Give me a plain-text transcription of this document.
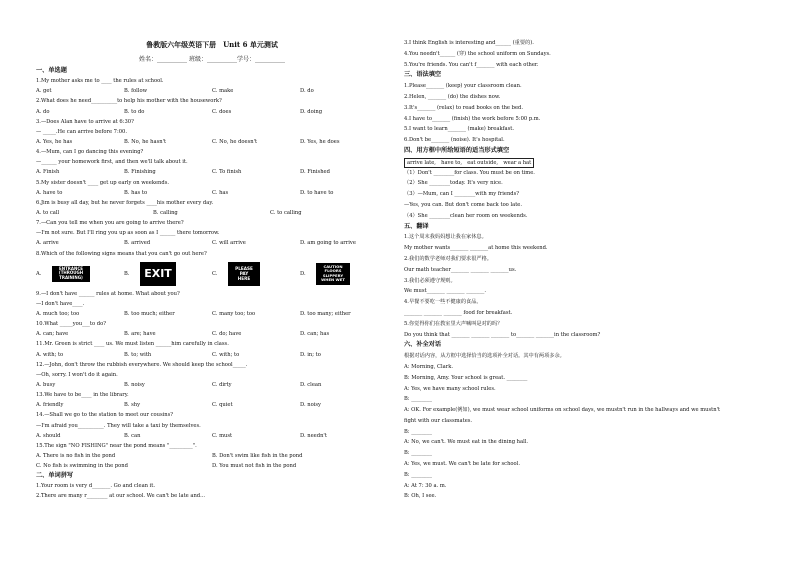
鲁教版六年级英语下册　Unit 6 单元测试
姓名：__________ 班级：__________学号：__________
一、单选题
1.My mother asks me to ____ the rules at school.
A. get	B. follow	C. make	D. do
2.What does he need__________to help his mother with the housework?
A. do	B. to do	C. does	D. doing
3.—Does Alan have to arrive at 6:30?
— _____.He can arrive before 7:00.
A. Yes, he has	B. No, he hasn't	C. No, he doesn't	D. Yes, he does
4.—Mum, can I go dancing this evening?
—______ your homework first, and then we'll talk about it.
A. Finish	B. Finishing	C. To finish	D. Finished
5.My sister doesn't ____ get up early on weekends.
A. have to	B. has to	C. has	D. to have to
6.Jim is busy all day, but he never forgets ____his mother every day.
A. to call	B. calling	C. to calling
7.—Can you tell me when you are going to arrive there?
—I'm not sure. But I'll ring you up as soon as I ______ there tomorrow.
A. arrive	B. arrived	C. will arrive	D. am going to arrive
8.Which of the following signs means that you can't go out here?
A.
ENTRANCE
(THROUGH TRAINING)
B.	EXIT	C.
PLEASE
PAY
HERE
D.
CAUTION
FLOORS
SLIPPERY
WHEN WET
9.—I don't have ______ rules at home. What about you?
—I don't have____.
A. much too; too	B. too much; either	C. many too; too	D. too many; either
10.What _____you___to do?
A. can; have	B. are; have	C. do; have	D. can; has
11.Mr. Green is strict ____ us. We must listen ______him carefully in class.
A. with; to	B. to; with	C. with; to	D. in; to
12.—John, don't throw the rubbish everywhere. We should keep the school_____.
—Oh, sorry. I won't do it again.
A. busy	B. noisy	C. dirty	D. clean
13.We have to be____ in the library.
A. friendly	B. shy	C. quiet	D. noisy
14.—Shall we go to the station to meet our cousins?
—I'm afraid you__________. They will take a taxi by themselves.
A. should	B. can	C. must	D. needn't
15.The sign "NO FISHING" near the pond means "_________".
A. There is no fish in the pond	B. Don't swim like fish in the pond
C. No fish is swimming in the pond	D. You must not fish in the pond
二、单词拼写
1.Your room is very d_______. Go and clean it.
2.There are many r________ at our school. We can't be late and...
3.I think English is interesting and______ (重要的).
4.You needn't______ (穿) the school uniform on Sundays.
5.You're friends. You can't f_______ with each other.
三、语法填空
1.Please_______ (keep) your classroom clean.
2.Helen, _______ (do) the dishes now.
3.It's_______ (relax) to read books on the bed.
4.I have to_______ (finish) the work before 5:00 p.m.
5.I want to learn_______ (make) breakfast.
6.Don't be_______ (noise). It's hospital.
四、用方框中所给短语的适当形式填空
arrive late,　have to,　eat outside,　wear a hat
（1）Don't ________for class. You must be on time.
（2）She ________today. It's very nice.
（3）—Mum, can I ________with my friends?
—Yes, you can. But don't come back too late.
（4）She ________clean her room on weekends.
五、翻译
1.这个周末我妈妈想让我在家休息。
My mother wants_______ _______at home this weekend.
2.我们的数学老师对我们要求很严格。
Our math teacher_______ _______ _______us.
3.我们必须遵守规则。
We must_______ _______ _______.
4.早餐不要吃一些不健康的食品。
_______ _______ _______ food for breakfast.
5.你觉得你们在教室里大声喊叫是对的吗？
Do you think that _______ _______ _______ to_______ _______in the classroom?
六、补全对话
根据对话内容，从方框中选择恰当的选项补全对话。其中有两项多余。
A: Morning, Clark.
B: Morning, Amy. Your school is great. ________
A: Yes, we have many school rules.
B: ________
A: OK. For example(例如), we must wear school uniforms on school days, we mustn't run in the hallways and we mustn't
fight with our classmates.
B: ________
A: No, we can't. We must eat in the dining hall.
B: ________
A: Yes, we must. We can't be late for school.
B: ________
A: At 7: 30 a. m.
B: Oh, I see.
